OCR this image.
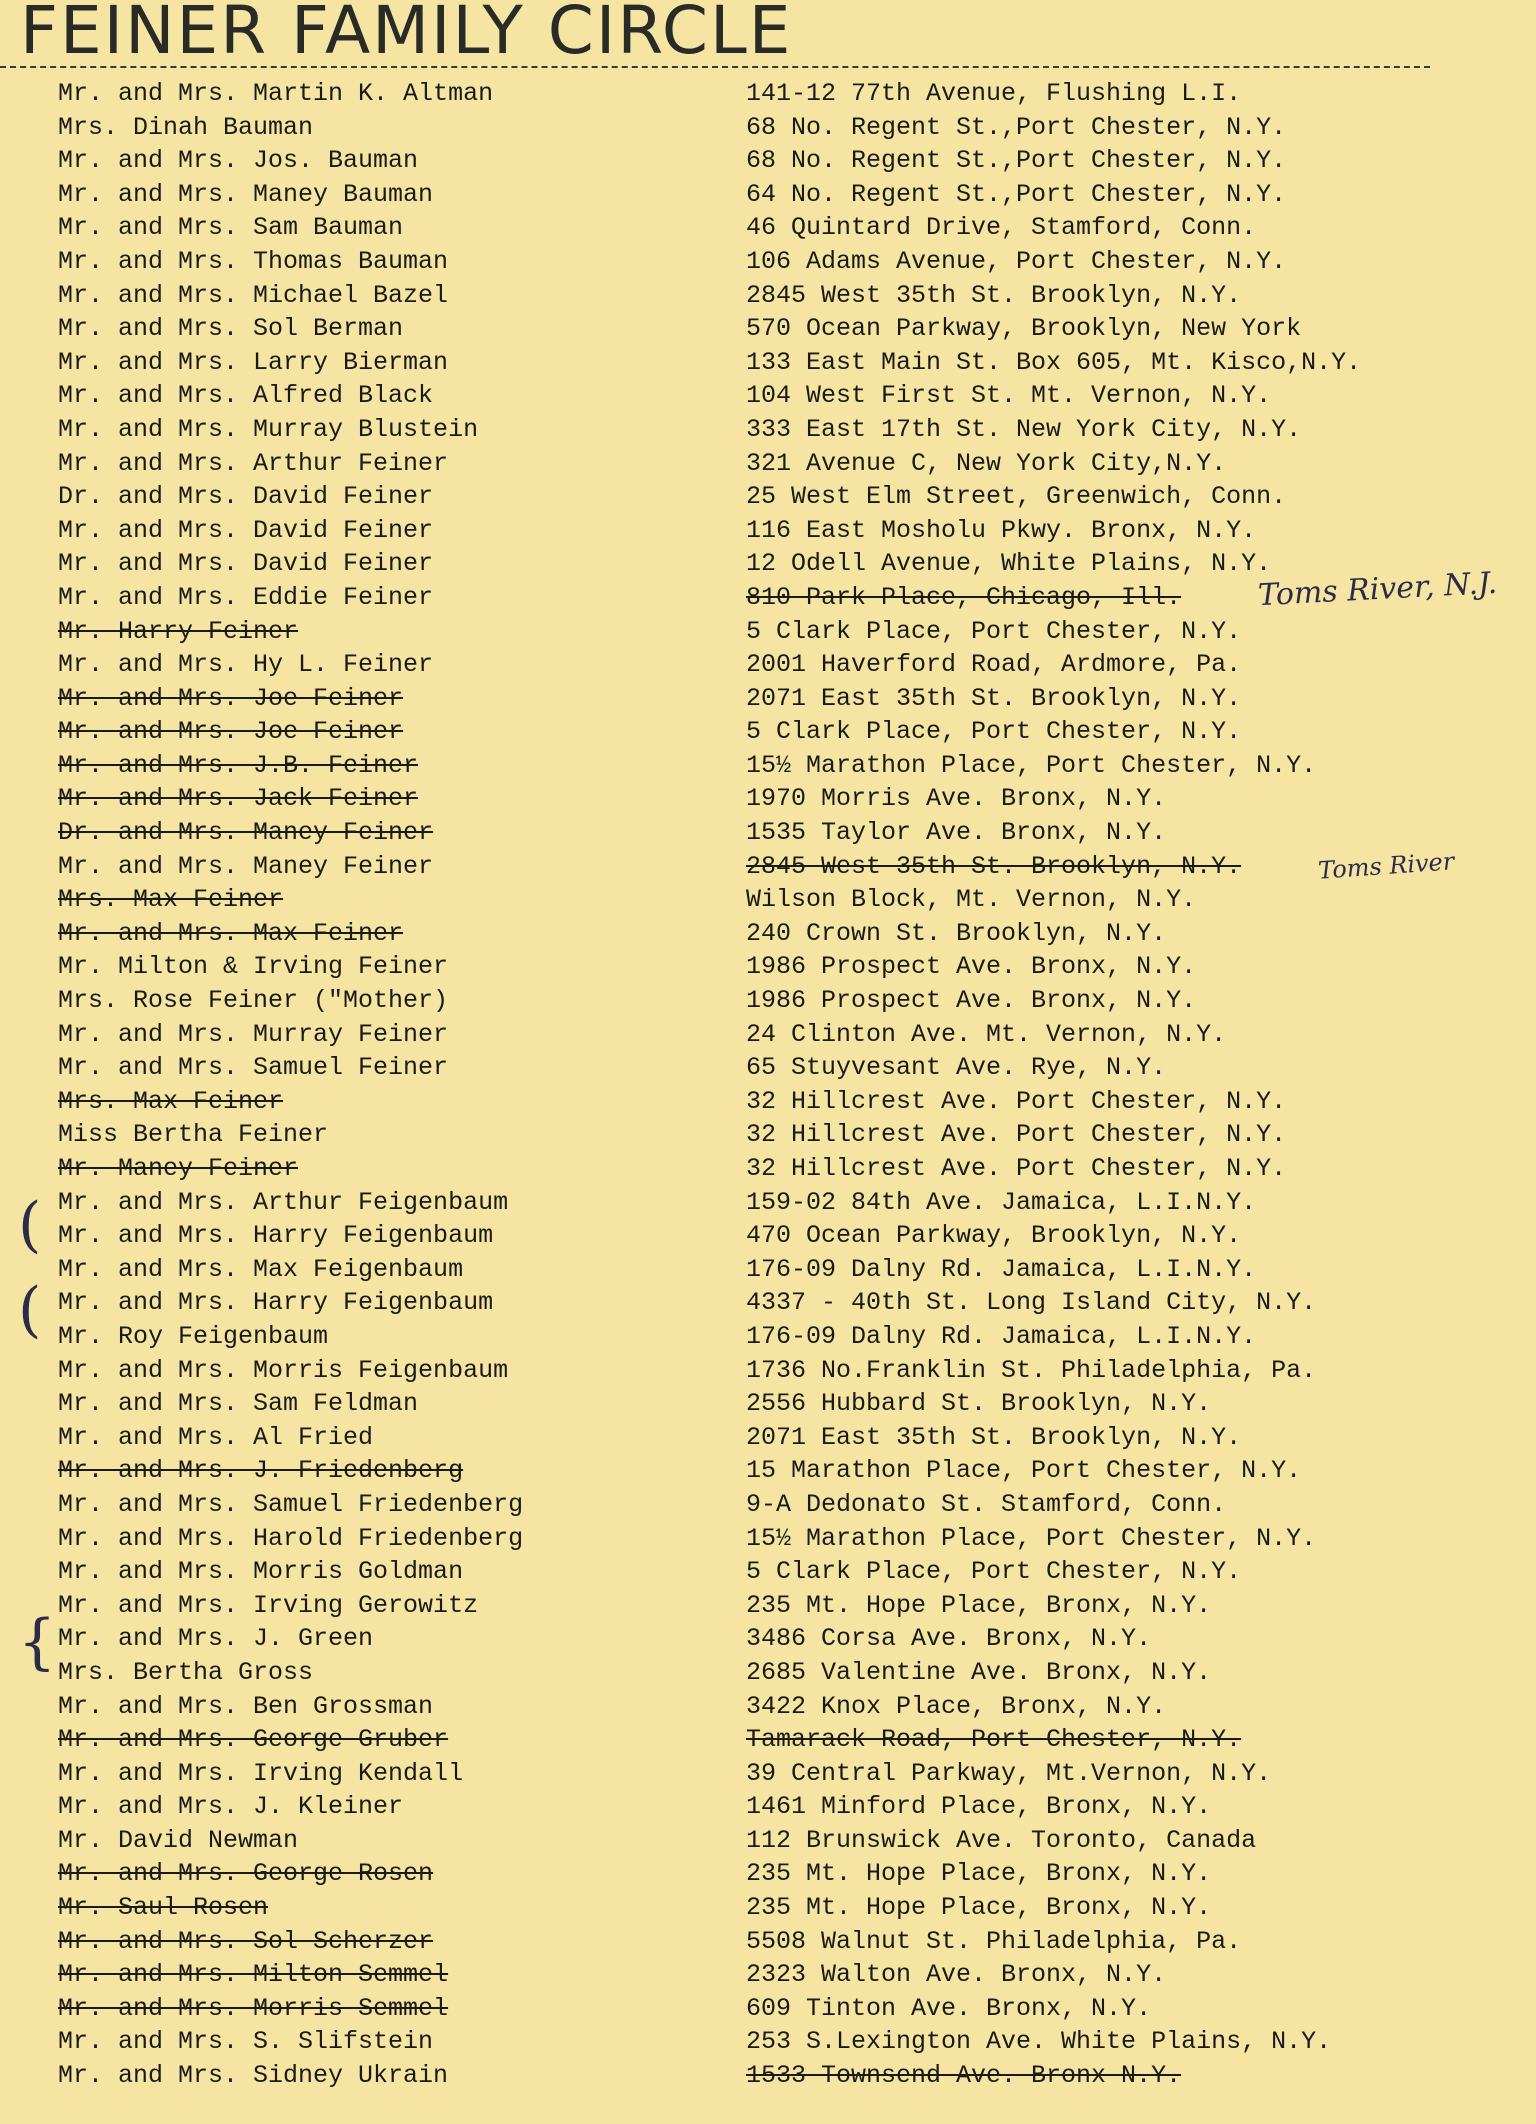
FEINER FAMILY CIRCLE
Mr. and Mrs. Martin K. Altman	141-12 77th Avenue, Flushing L.I.
Mrs. Dinah Bauman	68 No. Regent St.,Port Chester, N.Y.
Mr. and Mrs. Jos. Bauman	68 No. Regent St.,Port Chester, N.Y.
Mr. and Mrs. Maney Bauman	64 No. Regent St.,Port Chester, N.Y.
Mr. and Mrs. Sam Bauman	46 Quintard Drive, Stamford, Conn.
Mr. and Mrs. Thomas Bauman	106 Adams Avenue, Port Chester, N.Y.
Mr. and Mrs. Michael Bazel	2845 West 35th St. Brooklyn, N.Y.
Mr. and Mrs. Sol Berman	570 Ocean Parkway, Brooklyn, New York
Mr. and Mrs. Larry Bierman	133 East Main St. Box 605, Mt. Kisco,N.Y.
Mr. and Mrs. Alfred Black	104 West First St. Mt. Vernon, N.Y.
Mr. and Mrs. Murray Blustein	333 East 17th St. New York City, N.Y.
Mr. and Mrs. Arthur Feiner	321 Avenue C, New York City,N.Y.
Dr. and Mrs. David Feiner	25 West Elm Street, Greenwich, Conn.
Mr. and Mrs. David Feiner	116 East Mosholu Pkwy. Bronx, N.Y.
Mr. and Mrs. David Feiner	12 Odell Avenue, White Plains, N.Y.
Mr. and Mrs. Eddie Feiner	810 Park Place, Chicago, Ill.
Mr. Harry Feiner	5 Clark Place, Port Chester, N.Y.
Mr. and Mrs. Hy L. Feiner	2001 Haverford Road, Ardmore, Pa.
Mr. and Mrs. Joe Feiner	2071 East 35th St. Brooklyn, N.Y.
Mr. and Mrs. Joe Feiner	5 Clark Place, Port Chester, N.Y.
Mr. and Mrs. J.B. Feiner	15½ Marathon Place, Port Chester, N.Y.
Mr. and Mrs. Jack Feiner	1970 Morris Ave. Bronx, N.Y.
Dr. and Mrs. Maney Feiner	1535 Taylor Ave. Bronx, N.Y.
Mr. and Mrs. Maney Feiner	2845 West 35th St. Brooklyn, N.Y.
Mrs. Max Feiner	Wilson Block, Mt. Vernon, N.Y.
Mr. and Mrs. Max Feiner	240 Crown St. Brooklyn, N.Y.
Mr. Milton & Irving Feiner	1986 Prospect Ave. Bronx, N.Y.
Mrs. Rose Feiner ("Mother)	1986 Prospect Ave. Bronx, N.Y.
Mr. and Mrs. Murray Feiner	24 Clinton Ave. Mt. Vernon, N.Y.
Mr. and Mrs. Samuel Feiner	65 Stuyvesant Ave. Rye, N.Y.
Mrs. Max Feiner	32 Hillcrest Ave. Port Chester, N.Y.
Miss Bertha Feiner	32 Hillcrest Ave. Port Chester, N.Y.
Mr. Maney Feiner	32 Hillcrest Ave. Port Chester, N.Y.
Mr. and Mrs. Arthur Feigenbaum	159-02 84th Ave. Jamaica, L.I.N.Y.
Mr. and Mrs. Harry Feigenbaum	470 Ocean Parkway, Brooklyn, N.Y.
Mr. and Mrs. Max Feigenbaum	176-09 Dalny Rd. Jamaica, L.I.N.Y.
Mr. and Mrs. Harry Feigenbaum	4337 - 40th St. Long Island City, N.Y.
Mr. Roy Feigenbaum	176-09 Dalny Rd. Jamaica, L.I.N.Y.
Mr. and Mrs. Morris Feigenbaum	1736 No.Franklin St. Philadelphia, Pa.
Mr. and Mrs. Sam Feldman	2556 Hubbard St. Brooklyn, N.Y.
Mr. and Mrs. Al Fried	2071 East 35th St. Brooklyn, N.Y.
Mr. and Mrs. J. Friedenberg	15 Marathon Place, Port Chester, N.Y.
Mr. and Mrs. Samuel Friedenberg	9-A Dedonato St. Stamford, Conn.
Mr. and Mrs. Harold Friedenberg	15½ Marathon Place, Port Chester, N.Y.
Mr. and Mrs. Morris Goldman	5 Clark Place, Port Chester, N.Y.
Mr. and Mrs. Irving Gerowitz	235 Mt. Hope Place, Bronx, N.Y.
Mr. and Mrs. J. Green	3486 Corsa Ave. Bronx, N.Y.
Mrs. Bertha Gross	2685 Valentine Ave. Bronx, N.Y.
Mr. and Mrs. Ben Grossman	3422 Knox Place, Bronx, N.Y.
Mr. and Mrs. George Gruber	Tamarack Road, Port Chester, N.Y.
Mr. and Mrs. Irving Kendall	39 Central Parkway, Mt.Vernon, N.Y.
Mr. and Mrs. J. Kleiner	1461 Minford Place, Bronx, N.Y.
Mr. David Newman	112 Brunswick Ave. Toronto, Canada
Mr. and Mrs. George Rosen	235 Mt. Hope Place, Bronx, N.Y.
Mr. Saul Rosen	235 Mt. Hope Place, Bronx, N.Y.
Mr. and Mrs. Sol Scherzer	5508 Walnut St. Philadelphia, Pa.
Mr. and Mrs. Milton Semmel	2323 Walton Ave. Bronx, N.Y.
Mr. and Mrs. Morris Semmel	609 Tinton Ave. Bronx, N.Y.
Mr. and Mrs. S. Slifstein	253 S.Lexington Ave. White Plains, N.Y.
Mr. and Mrs. Sidney Ukrain	1533 Townsend Ave. Bronx N.Y.
Toms River, N.J.
Toms River
(
(
{
